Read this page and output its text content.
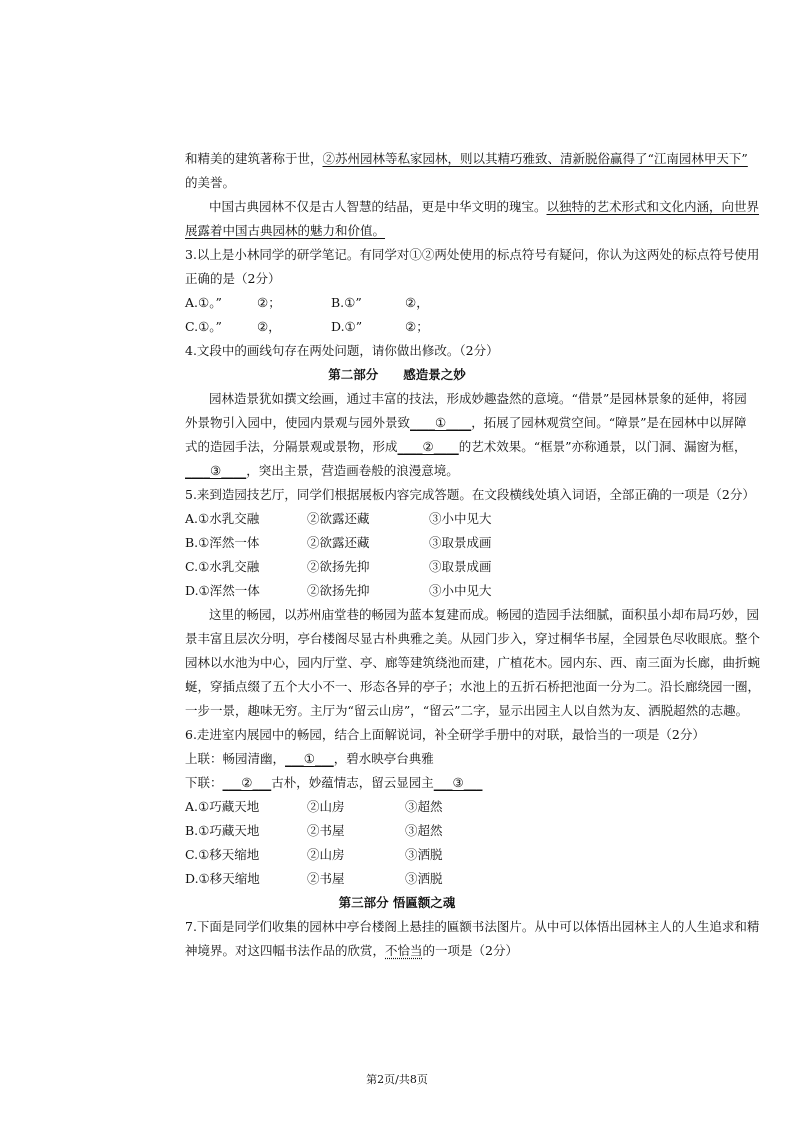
和精美的建筑著称于世，②苏州园林等私家园林，则以其精巧雅致、清新脱俗赢得了“江南园林甲天下”
的美誉。
中国古典园林不仅是古人智慧的结晶，更是中华文明的瑰宝。以独特的艺术形式和文化内涵，向世界
展露着中国古典园林的魅力和价值。
3.以上是小林同学的研学笔记。有同学对①②两处使用的标点符号有疑问，你认为这两处的标点符号使用
正确的是（2分）
A.①。”	②；	B.①”	②，
C.①。”	②，	D.①”	②；
4.文段中的画线句存在两处问题，请你做出修改。（2分）
第二部分　　感造景之妙
园林造景犹如撰文绘画，通过丰富的技法，形成妙趣盎然的意境。“借景”是园林景象的延伸，将园
外景物引入园中，使园内景观与园外景致____①____，拓展了园林观赏空间。“障景”是在园林中以屏障
式的造园手法，分隔景观或景物，形成____②____的艺术效果。“框景”亦称通景，以门洞、漏窗为框，
____③____，突出主景，营造画卷般的浪漫意境。
5.来到造园技艺厅，同学们根据展板内容完成答题。在文段横线处填入词语，全部正确的一项是（2分）
A.①水乳交融	②欲露还藏	③小中见大
B.①浑然一体	②欲露还藏	③取景成画
C.①水乳交融	②欲扬先抑	③取景成画
D.①浑然一体	②欲扬先抑	③小中见大
这里的畅园，以苏州庙堂巷的畅园为蓝本复建而成。畅园的造园手法细腻，面积虽小却布局巧妙，园
景丰富且层次分明，亭台楼阁尽显古朴典雅之美。从园门步入，穿过桐华书屋，全园景色尽收眼底。整个
园林以水池为中心，园内厅堂、亭、廊等建筑绕池而建，广植花木。园内东、西、南三面为长廊，曲折蜿
蜒，穿插点缀了五个大小不一、形态各异的亭子；水池上的五折石桥把池面一分为二。沿长廊绕园一圈，
一步一景，趣味无穷。主厅为“留云山房”，“留云”二字，显示出园主人以自然为友、洒脱超然的志趣。
6.走进室内展园中的畅园，结合上面解说词，补全研学手册中的对联，最恰当的一项是（2分）
上联：畅园清幽，___①___，碧水映亭台典雅
下联：___②___古朴，妙蕴情志，留云显园主___③___
A.①巧藏天地	②山房	③超然
B.①巧藏天地	②书屋	③超然
C.①移天缩地	②山房	③洒脱
D.①移天缩地	②书屋	③洒脱
第三部分 悟匾额之魂
7.下面是同学们收集的园林中亭台楼阁上悬挂的匾额书法图片。从中可以体悟出园林主人的人生追求和精
神境界。对这四幅书法作品的欣赏，不恰当的一项是（2分）
第2页/共8页
